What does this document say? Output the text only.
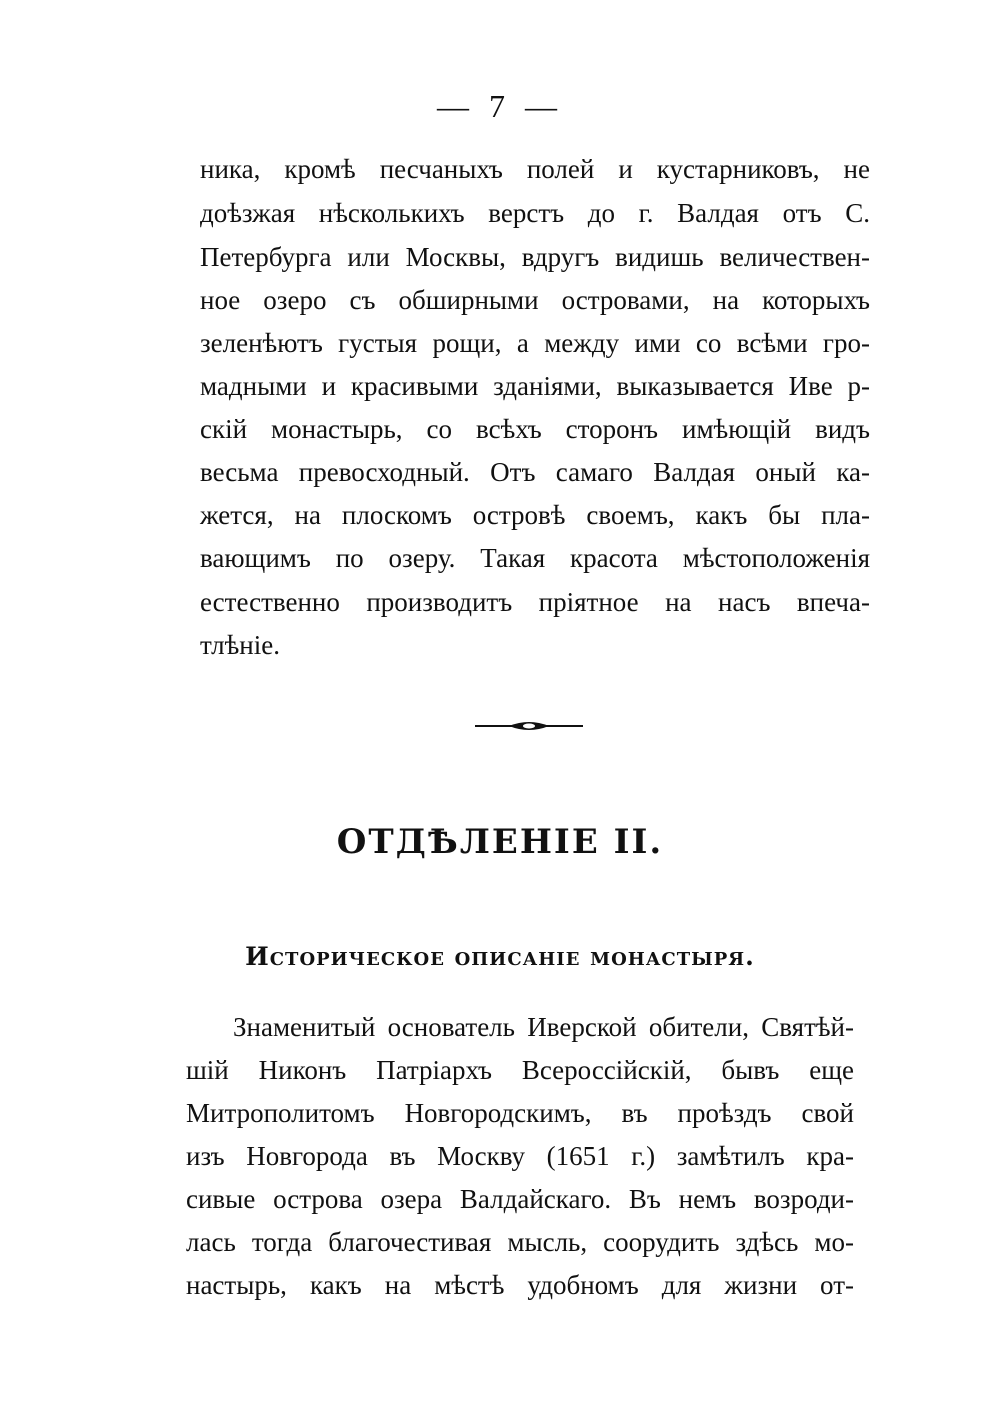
— 7 —
ника, кромѣ песчаныхъ полей и кустарниковъ, не
доѣзжая нѣсколькихъ верстъ до г. Валдая отъ С.
Петербурга или Москвы, вдругъ видишь величествен-
ное озеро съ обширными островами, на которыхъ
зеленѣютъ густыя рощи, а между ими со всѣми гро-
мадными и красивыми зданіями, выказывается Иве р-
скій монастырь, со всѣхъ сторонъ имѣющій видъ
весьма превосходный. Отъ самаго Валдая оный ка-
жется, на плоскомъ островѣ своемъ, какъ бы пла-
вающимъ по озеру. Такая красота мѣстоположенія
естественно производитъ пріятное на насъ впеча-
тлѣніе.
ОТДѢЛЕНІЕ II.
Историческое описаніе монастыря.
Знаменитый основатель Иверской обители, Святѣй-
шій Никонъ Патріархъ Всероссійскій, бывъ еще
Митрополитомъ Новгородскимъ, въ проѣздъ свой
изъ Новгорода въ Москву (1651 г.) замѣтилъ кра-
сивые острова озера Валдайскаго. Въ немъ возроди-
лась тогда благочестивая мысль, соорудить здѣсь мо-
настырь, какъ на мѣстѣ удобномъ для жизни от-
